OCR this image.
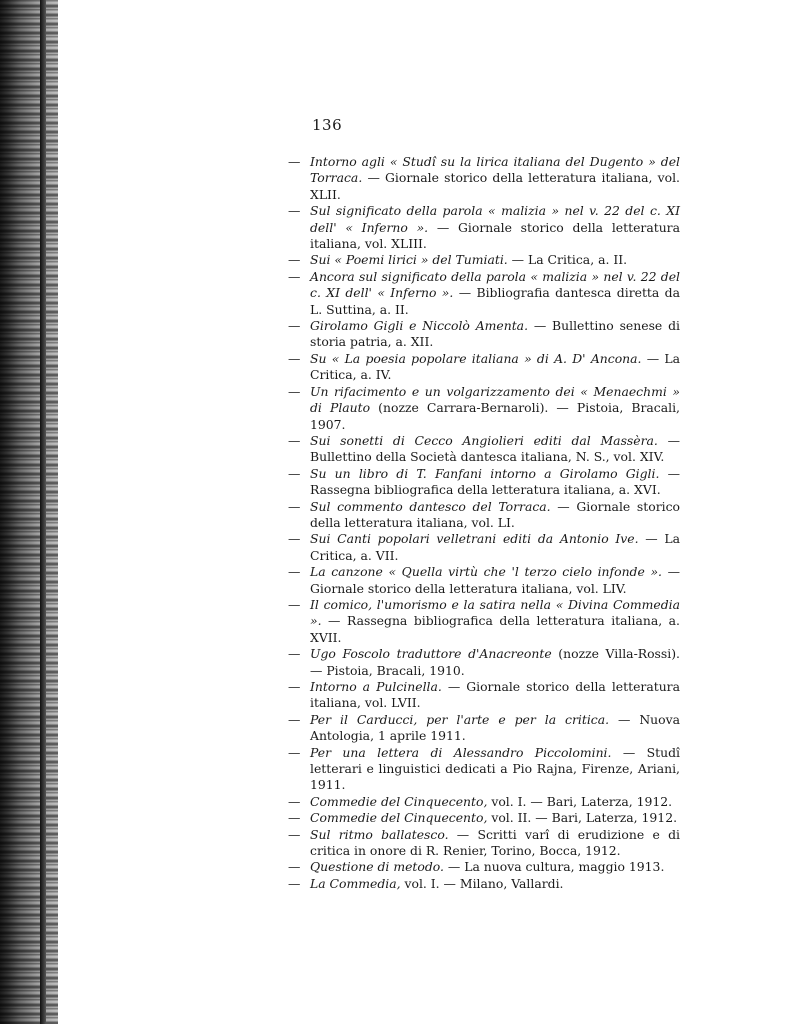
136
— Intorno agli « Studî su la lirica italiana del Dugento » del Torraca. — Giornale storico della letteratura italiana, vol. XLII.
— Sul significato della parola « malizia » nel v. 22 del c. XI dell' « Inferno ». — Giornale storico della letteratura italiana, vol. XLIII.
— Sui « Poemi lirici » del Tumiati. — La Critica, a. II.
— Ancora sul significato della parola « malizia » nel v. 22 del c. XI dell' « Inferno ». — Bibliografia dantesca diretta da L. Suttina, a. II.
— Girolamo Gigli e Niccolò Amenta. — Bullettino senese di storia patria, a. XII.
— Su « La poesia popolare italiana » di A. D' Ancona. — La Critica, a. IV.
— Un rifacimento e un volgarizzamento dei « Menaechmi » di Plauto (nozze Carrara-Bernaroli). — Pistoia, Bracali, 1907.
— Sui sonetti di Cecco Angiolieri editi dal Massèra. — Bullettino della Società dantesca italiana, N. S., vol. XIV.
— Su un libro di T. Fanfani intorno a Girolamo Gigli. — Rassegna bibliografica della letteratura italiana, a. XVI.
— Sul commento dantesco del Torraca. — Giornale storico della letteratura italiana, vol. LI.
— Sui Canti popolari velletrani editi da Antonio Ive. — La Critica, a. VII.
— La canzone « Quella virtù che 'l terzo cielo infonde ». — Giornale storico della letteratura italiana, vol. LIV.
— Il comico, l'umorismo e la satira nella « Divina Commedia ». — Rassegna bibliografica della letteratura italiana, a. XVII.
— Ugo Foscolo traduttore d'Anacreonte (nozze Villa-Rossi). — Pistoia, Bracali, 1910.
— Intorno a Pulcinella. — Giornale storico della letteratura italiana, vol. LVII.
— Per il Carducci, per l'arte e per la critica. — Nuova Antologia, 1 aprile 1911.
— Per una lettera di Alessandro Piccolomini. — Studî letterari e linguistici dedicati a Pio Rajna, Firenze, Ariani, 1911.
— Commedie del Cinquecento, vol. I. — Bari, Laterza, 1912.
— Commedie del Cinquecento, vol. II. — Bari, Laterza, 1912.
— Sul ritmo ballatesco. — Scritti varî di erudizione e di critica in onore di R. Renier, Torino, Bocca, 1912.
— Questione di metodo. — La nuova cultura, maggio 1913.
— La Commedia, vol. I. — Milano, Vallardi.
